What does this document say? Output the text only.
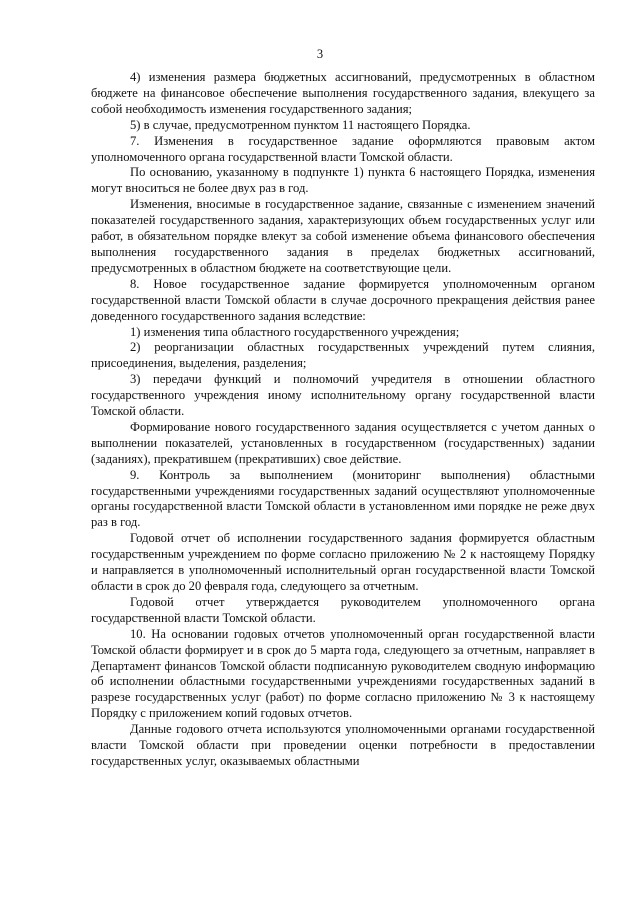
3

4) изменения размера бюджетных ассигнований, предусмотренных в областном бюджете на финансовое обеспечение выполнения государственного задания, влекущего за собой необходимость изменения государственного задания;

5) в случае, предусмотренном пунктом 11 настоящего Порядка.

7. Изменения в государственное задание оформляются правовым актом уполномоченного органа государственной власти Томской области.

По основанию, указанному в подпункте 1) пункта 6 настоящего Порядка, изменения могут вноситься не более двух раз в год.

Изменения, вносимые в государственное задание, связанные с изменением значений показателей государственного задания, характеризующих объем государственных услуг или работ, в обязательном порядке влекут за собой изменение объема финансового обеспечения выполнения государственного задания в пределах бюджетных ассигнований, предусмотренных в областном бюджете на соответствующие цели.

8. Новое государственное задание формируется уполномоченным органом государственной власти Томской области в случае досрочного прекращения действия ранее доведенного государственного задания вследствие:

1) изменения типа областного государственного учреждения;

2) реорганизации областных государственных учреждений путем слияния, присоединения, выделения, разделения;

3) передачи функций и полномочий учредителя в отношении областного государственного учреждения иному исполнительному органу государственной власти Томской области.

Формирование нового государственного задания осуществляется с учетом данных о выполнении показателей, установленных в государственном (государственных) задании (заданиях), прекратившем (прекративших) свое действие.

9. Контроль за выполнением (мониторинг выполнения) областными государственными учреждениями государственных заданий осуществляют уполномоченные органы государственной власти Томской области в установленном ими порядке не реже двух раз в год.

Годовой отчет об исполнении государственного задания формируется областным государственным учреждением по форме согласно приложению № 2 к настоящему Порядку и направляется в уполномоченный исполнительный орган государственной власти Томской области в срок до 20 февраля года, следующего за отчетным.

Годовой отчет утверждается руководителем уполномоченного органа государственной власти Томской области.

10. На основании годовых отчетов уполномоченный орган государственной власти Томской области формирует и в срок до 5 марта года, следующего за отчетным, направляет в Департамент финансов Томской области подписанную руководителем сводную информацию об исполнении областными государственными учреждениями государственных заданий в разрезе государственных услуг (работ) по форме согласно приложению № 3 к настоящему Порядку с приложением копий годовых отчетов.

Данные годового отчета используются уполномоченными органами государственной власти Томской области при проведении оценки потребности в предоставлении государственных услуг, оказываемых областными
